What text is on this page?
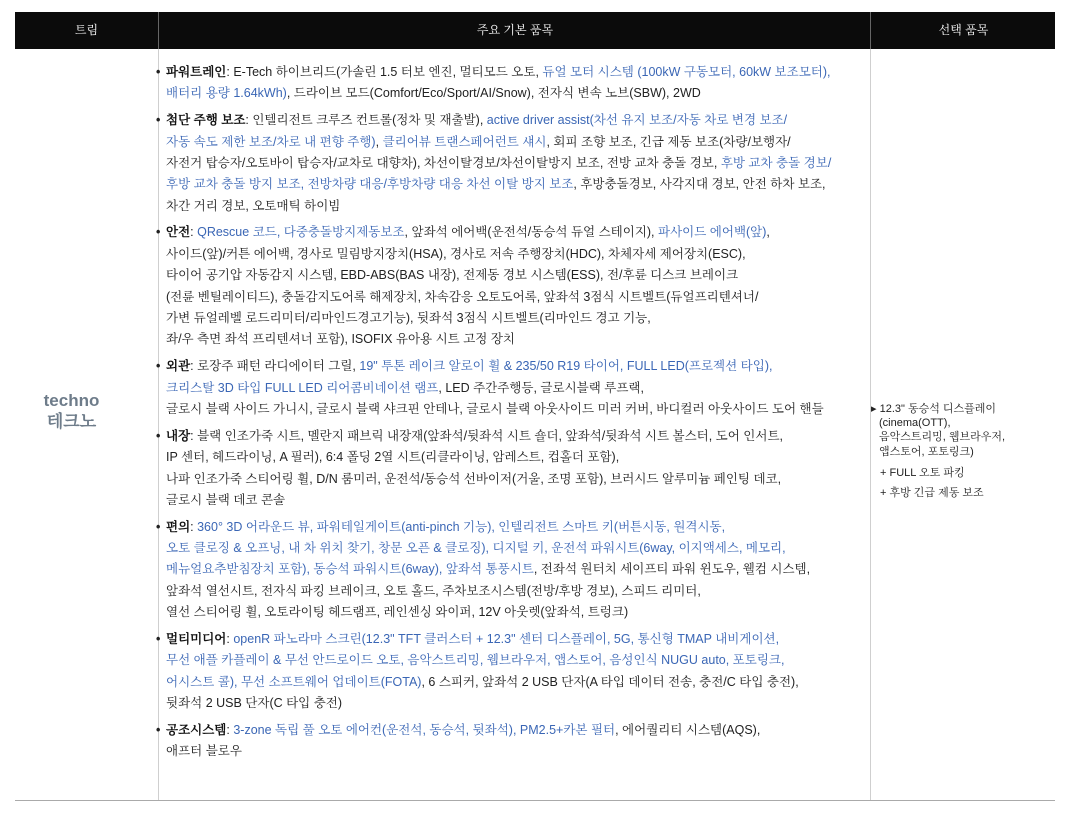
트림	주요 기본 품목	선택 품목
techno
테크노
• 파워트레인: E-Tech 하이브리드(가솔린 1.5 터보 엔진, 멀티모드 오토, 듀얼 모터 시스템 (100kW 구동모터, 60kW 보조모터),
배터리 용량 1.64kWh), 드라이브 모드(Comfort/Eco/Sport/AI/Snow), 전자식 변속 노브(SBW), 2WD
• 첨단 주행 보조: 인텔리전트 크루즈 컨트롤(정차 및 재출발), active driver assist(차선 유지 보조/자동 차로 변경 보조/
자동 속도 제한 보조/차로 내 편향 주행), 클리어뷰 트랜스페어런트 섀시, 회피 조향 보조, 긴급 제동 보조(차량/보행자/
자전거 탑승자/오토바이 탑승자/교차로 대향차), 차선이탈경보/차선이탈방지 보조, 전방 교차 충돌 경보, 후방 교차 충돌 경보/
후방 교차 충돌 방지 보조, 전방차량 대응/후방차량 대응 차선 이탈 방지 보조, 후방충돌경보, 사각지대 경보, 안전 하차 보조,
차간 거리 경보, 오토매틱 하이빔
• 안전: QRescue 코드, 다중충돌방지제동보조, 앞좌석 에어백(운전석/동승석 듀얼 스테이지), 파사이드 에어백(앞),
사이드(앞)/커튼 에어백, 경사로 밀림방지장치(HSA), 경사로 저속 주행장치(HDC), 차체자세 제어장치(ESC),
타이어 공기압 자동감지 시스템, EBD-ABS(BAS 내장), 전제동 경보 시스템(ESS), 전/후륜 디스크 브레이크
(전륜 벤틸레이티드), 충돌감지도어록 해제장치, 차속감응 오토도어록, 앞좌석 3점식 시트벨트(듀얼프리텐셔너/
가변 듀얼레벨 로드리미터/리마인드경고기능), 뒷좌석 3점식 시트벨트(리마인드 경고 기능,
좌/우 측면 좌석 프리텐셔너 포함), ISOFIX 유아용 시트 고정 장치
• 외관: 로장주 패턴 라디에이터 그릴, 19" 투톤 레이크 알로이 휠 & 235/50 R19 타이어, FULL LED(프로젝션 타입),
크리스탈 3D 타입 FULL LED 리어콤비네이션 램프, LED 주간주행등, 글로시블랙 루프랙,
글로시 블랙 사이드 가니시, 글로시 블랙 샤크핀 안테나, 글로시 블랙 아웃사이드 미러 커버, 바디컬러 아웃사이드 도어 핸들
• 내장: 블랙 인조가죽 시트, 멜란지 패브릭 내장재(앞좌석/뒷좌석 시트 숄더, 앞좌석/뒷좌석 시트 볼스터, 도어 인서트,
IP 센터, 헤드라이닝, A 필러), 6:4 폴딩 2열 시트(리클라이닝, 암레스트, 컵홀더 포함),
나파 인조가죽 스티어링 휠, D/N 룸미러, 운전석/동승석 선바이저(거울, 조명 포함), 브러시드 알루미늄 페인팅 데코,
글로시 블랙 데코 콘솔
• 편의: 360° 3D 어라운드 뷰, 파워테일게이트(anti-pinch 기능), 인텔리전트 스마트 키(버튼시동, 원격시동,
오토 클로징 & 오프닝, 내 차 위치 찾기, 창문 오픈 & 클로징), 디지털 키, 운전석 파워시트(6way, 이지액세스, 메모리,
메뉴얼요추받침장치 포함), 동승석 파워시트(6way), 앞좌석 통풍시트, 전좌석 원터치 세이프티 파워 윈도우, 웰컴 시스템,
앞좌석 열선시트, 전자식 파킹 브레이크, 오토 홀드, 주차보조시스템(전방/후방 경보), 스피드 리미터,
열선 스티어링 휠, 오토라이팅 헤드램프, 레인센싱 와이퍼, 12V 아웃렛(앞좌석, 트렁크)
• 멀티미디어: openR 파노라마 스크린(12.3" TFT 클러스터 + 12.3" 센터 디스플레이, 5G, 통신형 TMAP 내비게이션,
무선 애플 카플레이 & 무선 안드로이드 오토, 음악스트리밍, 웹브라우저, 앱스토어, 음성인식 NUGU auto, 포토링크,
어시스트 콜), 무선 소프트웨어 업데이트(FOTA), 6 스피커, 앞좌석 2 USB 단자(A 타입 데이터 전송, 충전/C 타입 충전),
뒷좌석 2 USB 단자(C 타입 충전)
• 공조시스템: 3-zone 독립 풀 오토 에어컨(운전석, 동승석, 뒷좌석), PM2.5+카본 필터, 에어퀄리티 시스템(AQS),
애프터 블로우
▸ 12.3" 동승석 디스플레이
(cinema(OTT),
음악스트리밍, 웹브라우저,
앱스토어, 포토링크)
+ FULL 오토 파킹
+ 후방 긴급 제동 보조
